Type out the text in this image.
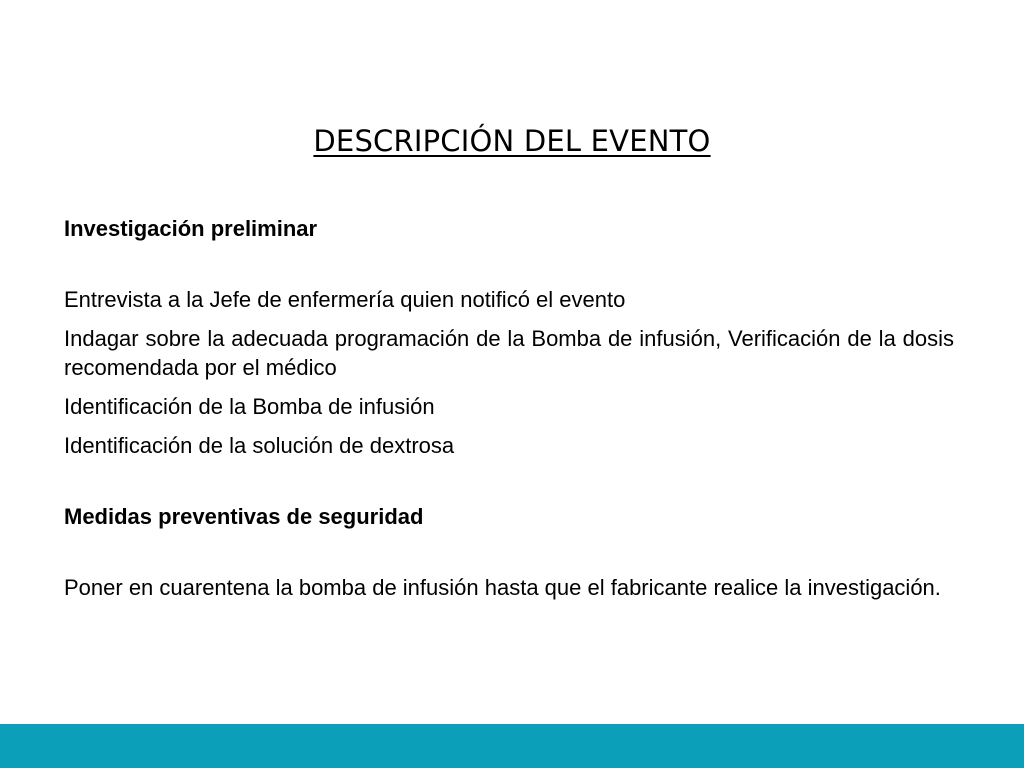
DESCRIPCIÓN DEL EVENTO

Investigación preliminar

Entrevista a la Jefe de enfermería quien notificó el evento

Indagar sobre la adecuada programación de la Bomba de infusión, Verificación de la dosis recomendada por el médico

Identificación de la Bomba de infusión

Identificación de la solución de dextrosa

Medidas preventivas de seguridad

Poner en cuarentena la bomba de infusión hasta que el fabricante realice la investigación.
